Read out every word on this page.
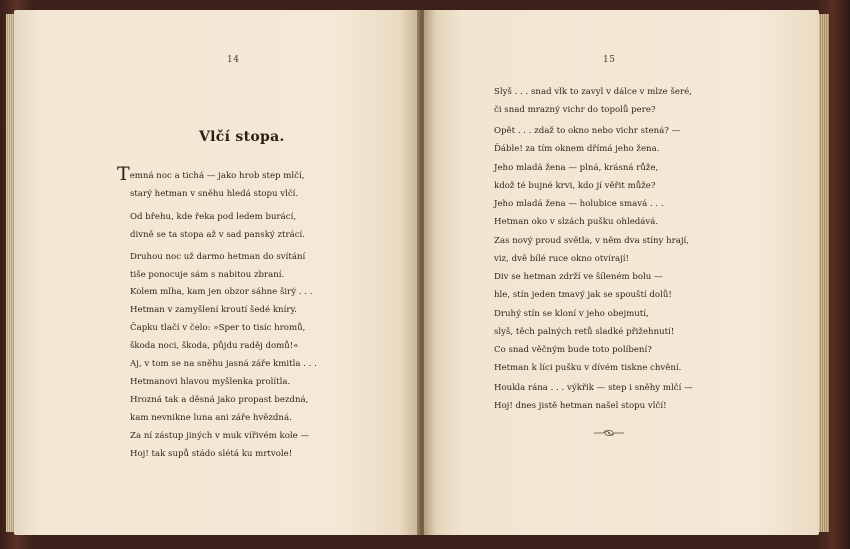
14
Vlčí stopa.
Temná noc a tichá — jako hrob step mlčí,
starý hetman v sněhu hledá stopu vlčí.
Od břehu, kde řeka pod ledem burácí,
divně se ta stopa až v sad panský ztrácí.
Druhou noc už darmo hetman do svítání
tiše ponocuje sám s nabitou zbraní.
Kolem mlha, kam jen obzor sáhne širý . . .
Hetman v zamyšlení kroutí šedé kníry.
Čapku tlačí v čelo: »Sper to tisíc hromů,
škoda noci, škoda, půjdu raděj domů!«
Aj, v tom se na sněhu jasná záře kmitla . . .
Hetmanovi hlavou myšlenka prolítla.
Hrozná tak a děsná jako propast bezdná,
kam nevnikne luna ani záře hvězdná.
Za ní zástup jiných v muk vířivém kole —
Hoj! tak supů stádo slétá ku mrtvole!
15
Slyš . . . snad vlk to zavyl v dálce v mlze šeré,
či snad mrazný vichr do topolů pere?
Opět . . . zdaž to okno nebo vichr stená? —
Ďáble! za tím oknem dřímá jeho žena.
Jeho mladá žena — plná, krásná růže,
kdož té bujné krvi, kdo jí věřit může?
Jeho mladá žena — holubice smavá . . .
Hetman oko v slzách pušku ohledává.
Zas nový proud světla, v něm dva stíny hrají,
viz, dvě bílé ruce okno otvírají!
Div se hetman zdrží ve šíleném bolu —
hle, stín jeden tmavý jak se spouští dolů!
Druhý stín se kloní v jeho obejmutí,
slyš, těch palných retů sladké přižehnutí!
Co snad věčným bude toto políbení?
Hetman k líci pušku v dívém tiskne chvění.
Houkla rána . . . výkřik — step i sněhy mlčí —
Hoj! dnes jistě hetman našel stopu vlčí!
